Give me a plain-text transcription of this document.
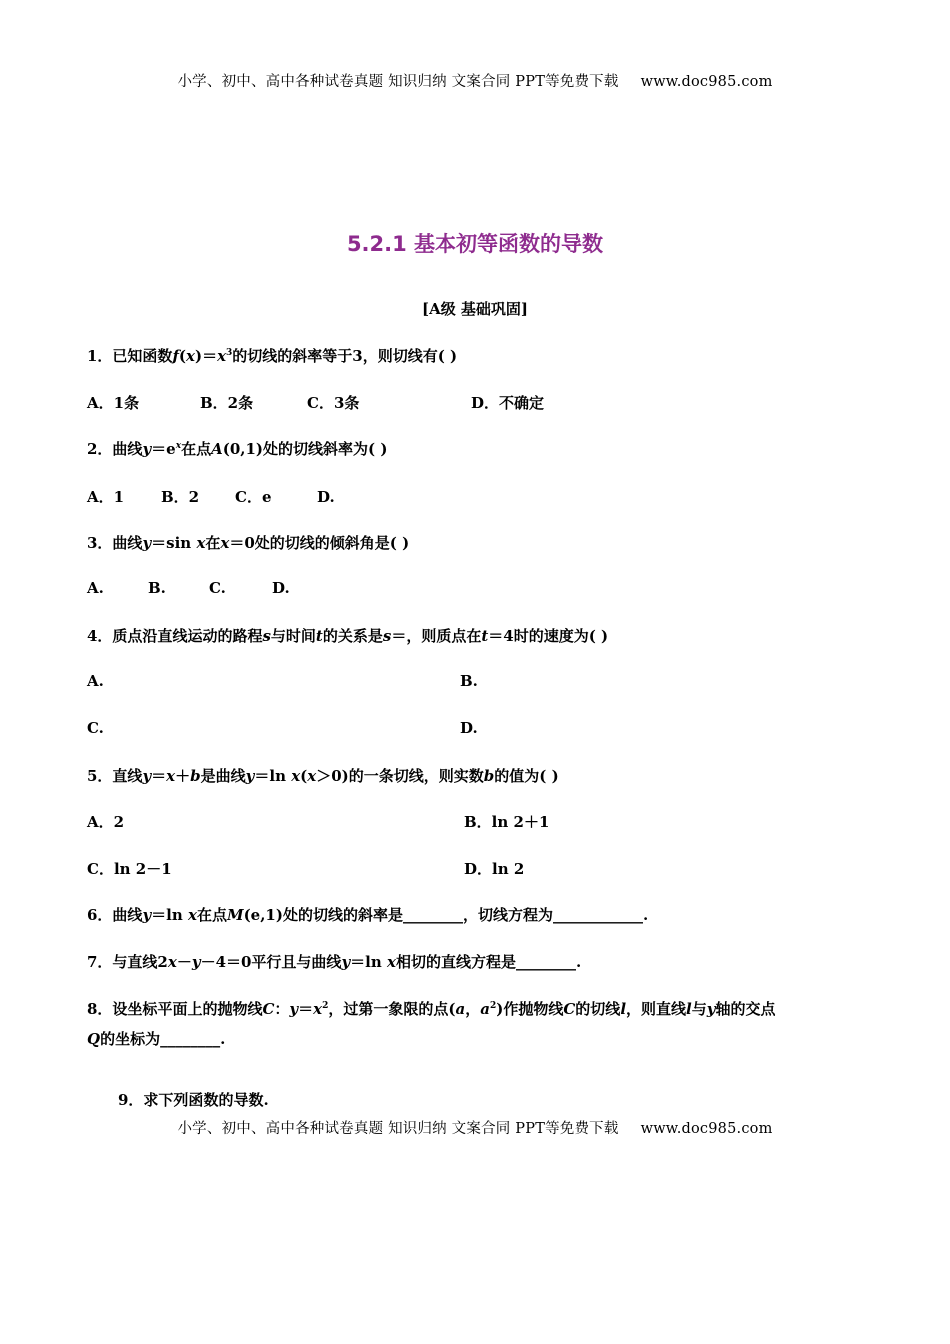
小学、初中、高中各种试卷真题 知识归纳 文案合同 PPT等免费下载 www.doc985.com
5.2.1 基本初等函数的导数
[A级 基础巩固]
1．已知函数$f(x)=x^3$的切线的斜率等于3，则切线有( )
A．1条	B．2条	C．3条	D．不确定
2．曲线$y=e^x$在点A(0,1)处的切线斜率为( )
A．1 B．2 C．e	D.
3．曲线y＝sin x在x＝0处的切线的倾斜角是( )
A.	B.	C.	D.
4．质点沿直线运动的路程s与时间t的关系是s＝，则质点在t＝4时的速度为( )
A.	B.
C.	D.
5．直线y＝x＋b是曲线y＝ln x(x＞0)的一条切线，则实数b的值为( )
A．2	B．ln 2＋1
C．ln 2－1	D．ln 2
6．曲线y＝ln x在点M(e,1)处的切线的斜率是________，切线方程为____________.
7．与直线2x－y－4＝0平行且与曲线y＝ln x相切的直线方程是________.
8．设坐标平面上的抛物线C：$y=x^2$，过第一象限的点(a，$a^2$)作抛物线C的切线l，则直线l与y轴的交点
Q的坐标为________.
9．求下列函数的导数.
小学、初中、高中各种试卷真题 知识归纳 文案合同 PPT等免费下载 www.doc985.com
